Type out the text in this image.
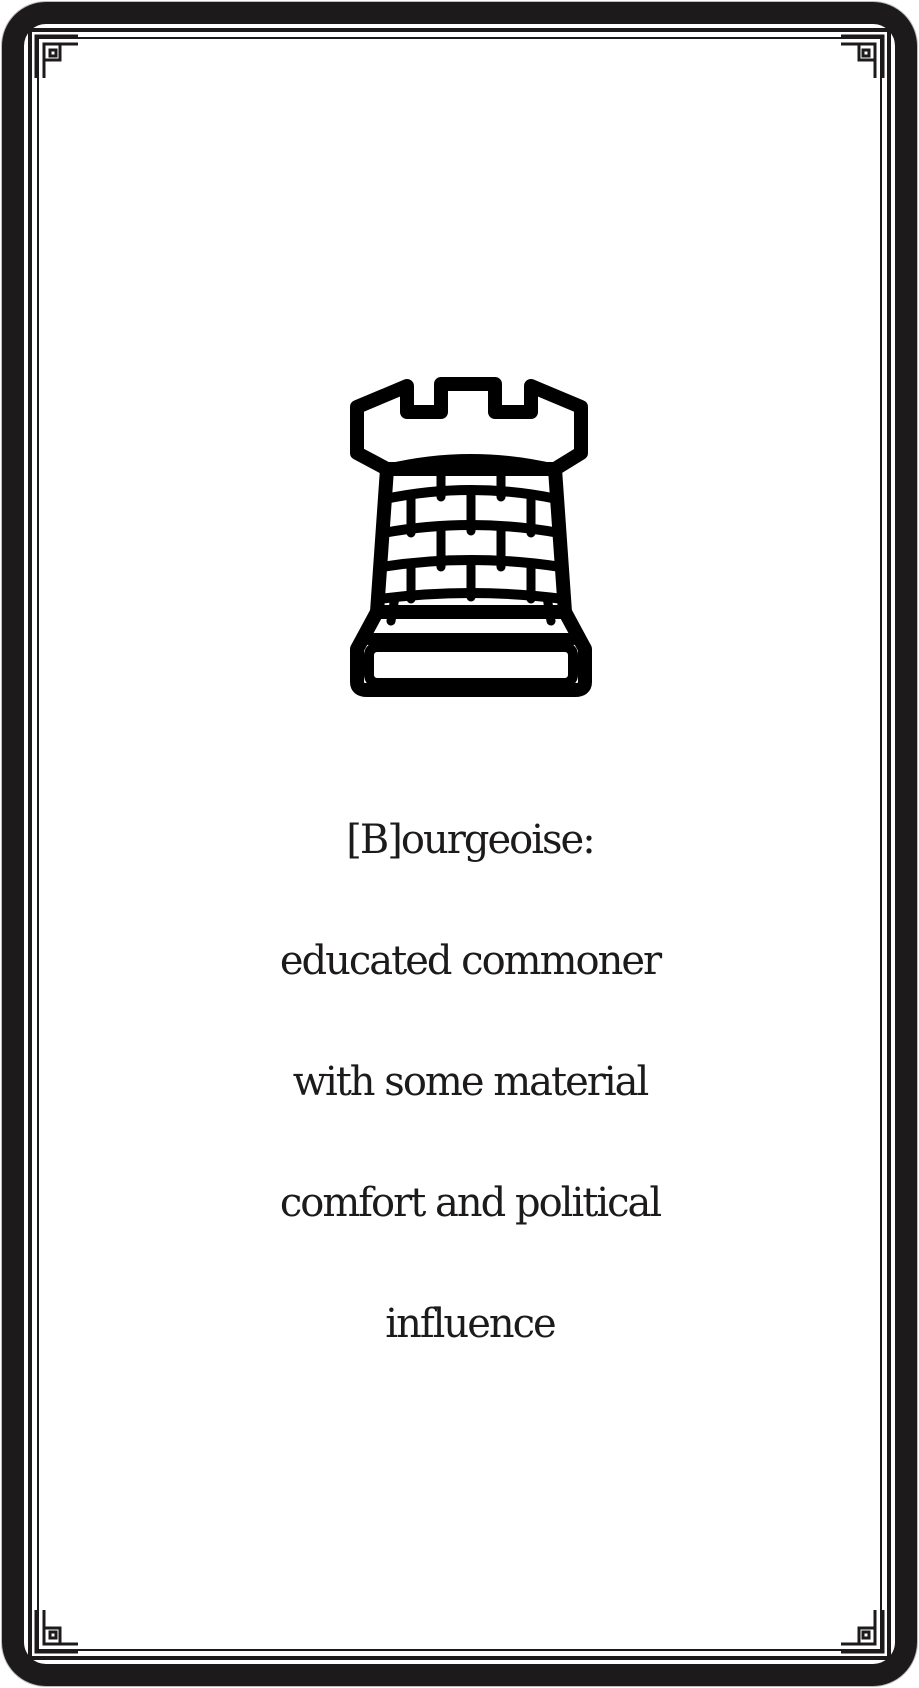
[B]ourgeoise:
educated commoner
with some material
comfort and political
influence
